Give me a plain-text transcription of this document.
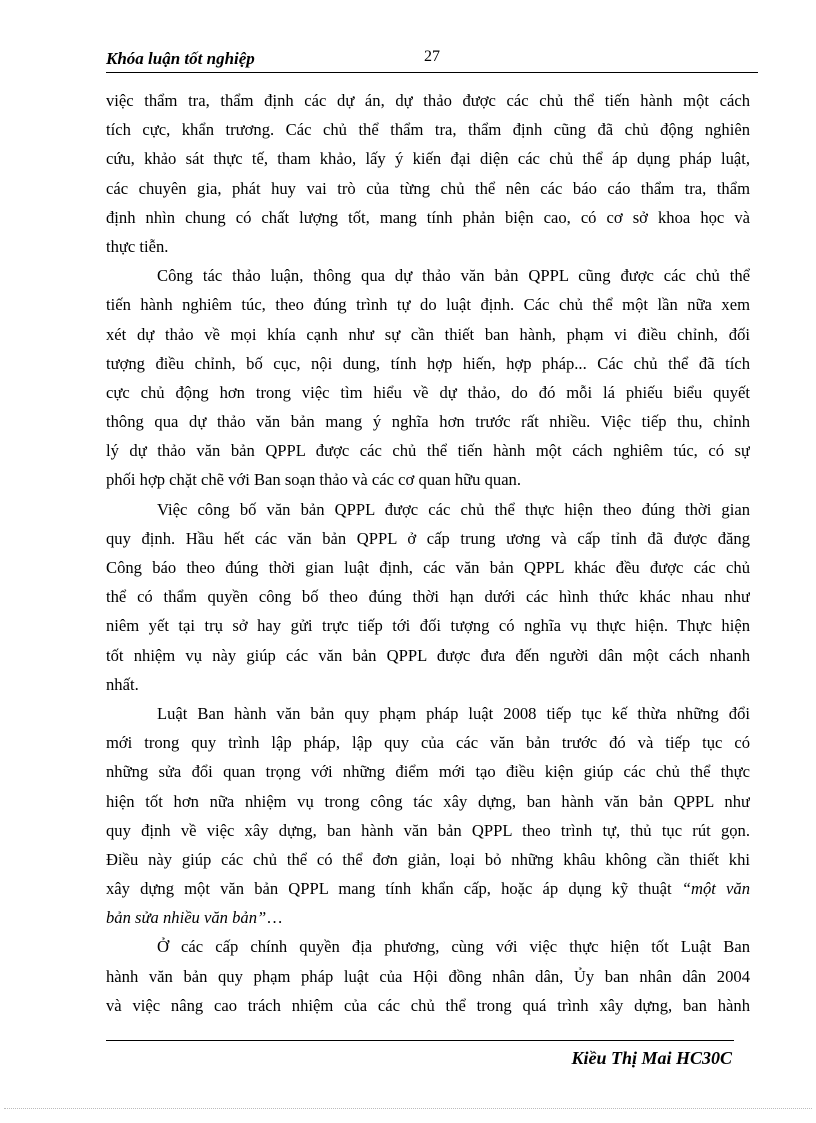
Khóa luận tốt nghiệp	27
việc thẩm tra, thẩm định các dự án, dự thảo được các chủ thể tiến hành một cách
tích cực, khẩn trương. Các chủ thể thẩm tra, thẩm định cũng đã chủ động nghiên
cứu, khảo sát thực tế, tham khảo, lấy ý kiến đại diện các chủ thể áp dụng pháp luật,
các chuyên gia, phát huy vai trò của từng chủ thể nên các báo cáo thẩm tra, thẩm
định nhìn chung có chất lượng tốt, mang tính phản biện cao, có cơ sở khoa học và
thực tiễn.
Công tác thảo luận, thông qua dự thảo văn bản QPPL cũng được các chủ thể
tiến hành nghiêm túc, theo đúng trình tự do luật định. Các chủ thể một lần nữa xem
xét dự thảo về mọi khía cạnh như sự cần thiết ban hành, phạm vi điều chỉnh, đối
tượng điều chỉnh, bố cục, nội dung, tính hợp hiến, hợp pháp... Các chủ thể đã tích
cực chủ động hơn trong việc tìm hiểu về dự thảo, do đó mỗi lá phiếu biểu quyết
thông qua dự thảo văn bản mang ý nghĩa hơn trước rất nhiều. Việc tiếp thu, chỉnh
lý dự thảo văn bản QPPL được các chủ thể tiến hành một cách nghiêm túc, có sự
phối hợp chặt chẽ với Ban soạn thảo và các cơ quan hữu quan.
Việc công bố văn bản QPPL được các chủ thể thực hiện theo đúng thời gian
quy định. Hầu hết các văn bản QPPL ở cấp trung ương và cấp tỉnh đã được đăng
Công báo theo đúng thời gian luật định, các văn bản QPPL khác đều được các chủ
thể có thẩm quyền công bố theo đúng thời hạn dưới các hình thức khác nhau như
niêm yết tại trụ sở hay gửi trực tiếp tới đối tượng có nghĩa vụ thực hiện. Thực hiện
tốt nhiệm vụ này giúp các văn bản QPPL được đưa đến người dân một cách nhanh
nhất.
Luật Ban hành văn bản quy phạm pháp luật 2008 tiếp tục kế thừa những đổi
mới trong quy trình lập pháp, lập quy của các văn bản trước đó và tiếp tục có
những sửa đổi quan trọng với những điểm mới tạo điều kiện giúp các chủ thể thực
hiện tốt hơn nữa nhiệm vụ trong công tác xây dựng, ban hành văn bản QPPL như
quy định về việc xây dựng, ban hành văn bản QPPL theo trình tự, thủ tục rút gọn.
Điều này giúp các chủ thể có thể đơn giản, loại bỏ những khâu không cần thiết khi
xây dựng một văn bản QPPL mang tính khẩn cấp, hoặc áp dụng kỹ thuật “một văn
bản sửa nhiều văn bản”…
Ở các cấp chính quyền địa phương, cùng với việc thực hiện tốt Luật Ban
hành văn bản quy phạm pháp luật của Hội đồng nhân dân, Ủy ban nhân dân 2004
và việc nâng cao trách nhiệm của các chủ thể trong quá trình xây dựng, ban hành
Kiều Thị Mai HC30C
